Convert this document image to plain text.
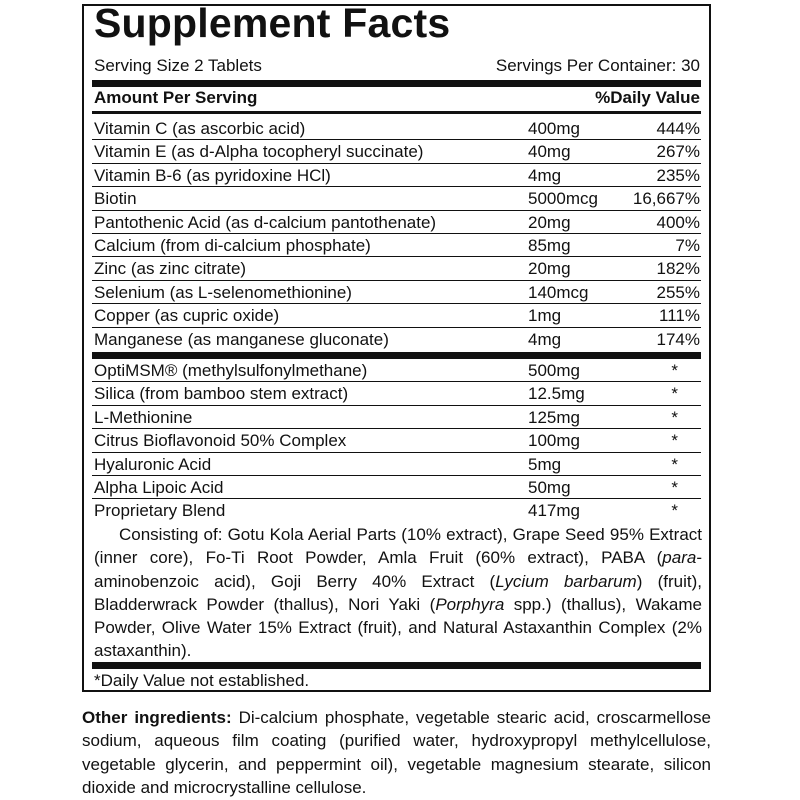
Supplement Facts
Serving Size 2 Tablets	Servings Per Container: 30
Amount Per Serving	%Daily Value
Vitamin C (as ascorbic acid)	400mg	444%
Vitamin E (as d-Alpha tocopheryl succinate)	40mg	267%
Vitamin B-6 (as pyridoxine HCl)	4mg	235%
Biotin	5000mcg 16,667%
Pantothenic Acid (as d-calcium pantothenate)	20mg	400%
Calcium (from di-calcium phosphate)	85mg	7%
Zinc (as zinc citrate)	20mg	182%
Selenium (as L-selenomethionine)	140mcg	255%
Copper (as cupric oxide)	1mg	111%
Manganese (as manganese gluconate)	4mg	174%
OptiMSM® (methylsulfonylmethane)	500mg	*
Silica (from bamboo stem extract)	12.5mg	*
L-Methionine	125mg	*
Citrus Bioflavonoid 50% Complex	100mg	*
Hyaluronic Acid	5mg	*
Alpha Lipoic Acid	50mg	*
Proprietary Blend	417mg	*
Consisting of: Gotu Kola Aerial Parts (10% extract), Grape Seed 95% Extract (inner core), Fo-Ti Root Powder, Amla Fruit (60% extract), PABA (para-aminobenzoic acid), Goji Berry 40% Extract (Lycium barbarum) (fruit), Bladderwrack Powder (thallus), Nori Yaki (Porphyra spp.) (thallus), Wakame Powder, Olive Water 15% Extract (fruit), and Natural Astaxanthin Complex (2% astaxanthin).
*Daily Value not established.
Other ingredients: Di-calcium phosphate, vegetable stearic acid, croscarmellose sodium, aqueous film coating (purified water, hydroxypropyl methylcellulose, vegetable glycerin, and peppermint oil), vegetable magnesium stearate, silicon dioxide and microcrystalline cellulose.
